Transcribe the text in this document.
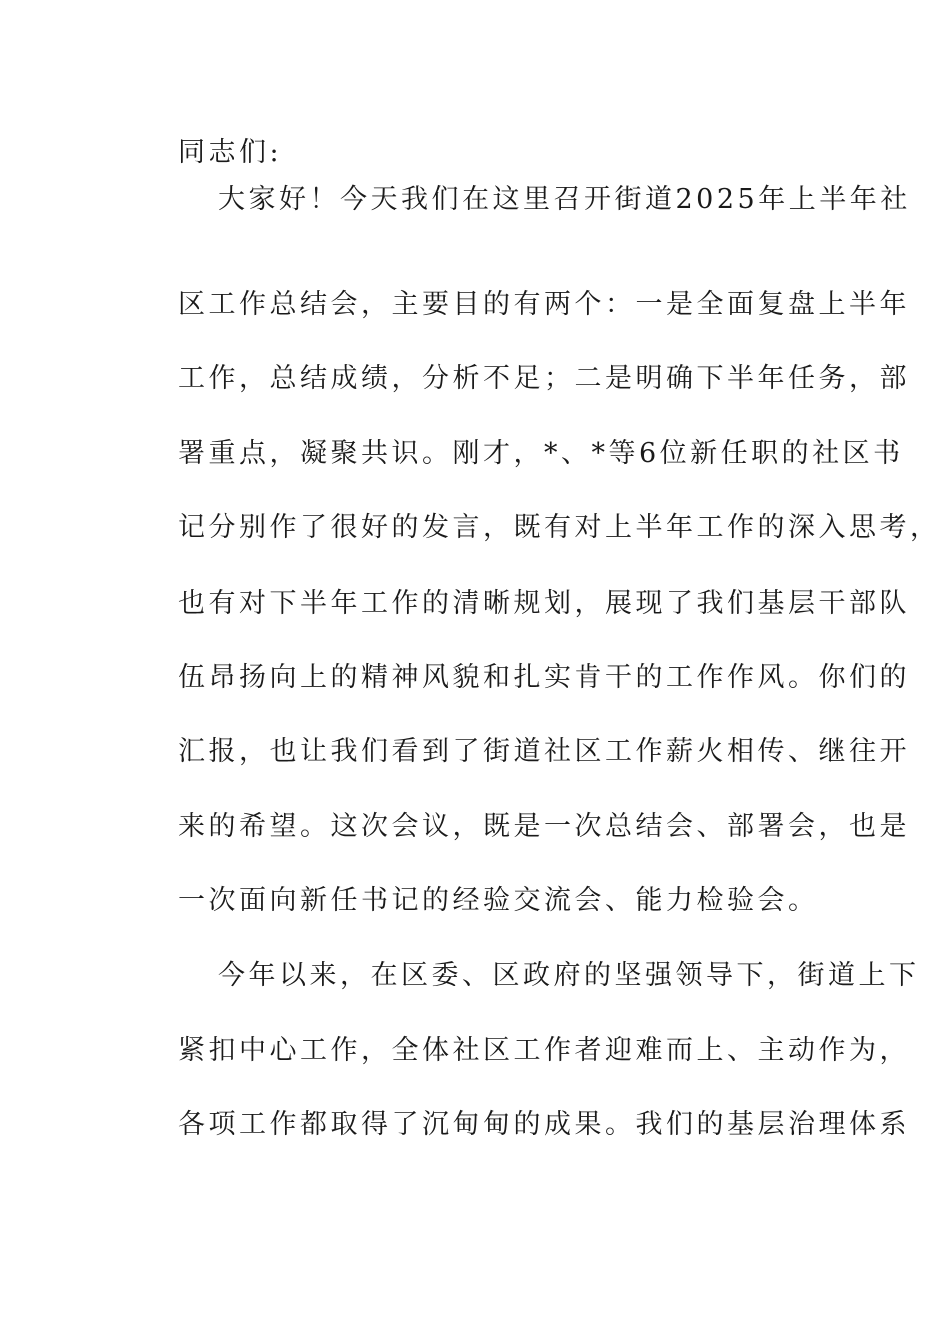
同志们:
大家好！今天我们在这里召开街道2025年上半年社
区工作总结会，主要目的有两个：一是全面复盘上半年
工作，总结成绩，分析不足；二是明确下半年任务，部
署重点，凝聚共识。刚才，*、*等6位新任职的社区书
记分别作了很好的发言，既有对上半年工作的深入思考，
也有对下半年工作的清晰规划，展现了我们基层干部队
伍昂扬向上的精神风貌和扎实肯干的工作作风。你们的
汇报，也让我们看到了街道社区工作薪火相传、继往开
来的希望。这次会议，既是一次总结会、部署会，也是
一次面向新任书记的经验交流会、能力检验会。
今年以来，在区委、区政府的坚强领导下，街道上下
紧扣中心工作，全体社区工作者迎难而上、主动作为，
各项工作都取得了沉甸甸的成果。我们的基层治理体系
